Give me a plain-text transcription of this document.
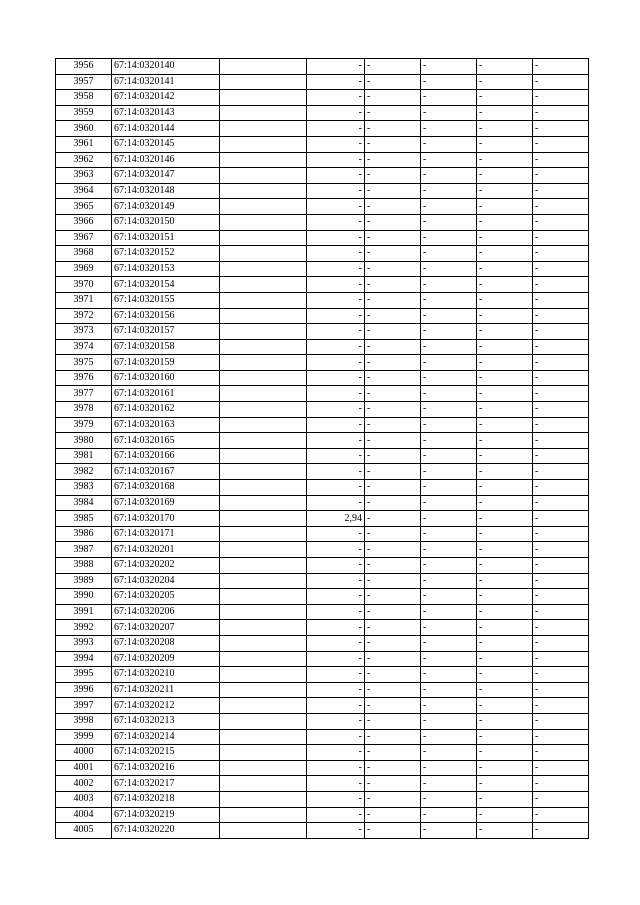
3956	67:14:0320140		-	-	-	-	-
3957	67:14:0320141		-	-	-	-	-
3958	67:14:0320142		-	-	-	-	-
3959	67:14:0320143		-	-	-	-	-
3960	67:14:0320144		-	-	-	-	-
3961	67:14:0320145		-	-	-	-	-
3962	67:14:0320146		-	-	-	-	-
3963	67:14:0320147		-	-	-	-	-
3964	67:14:0320148		-	-	-	-	-
3965	67:14:0320149		-	-	-	-	-
3966	67:14:0320150		-	-	-	-	-
3967	67:14:0320151		-	-	-	-	-
3968	67:14:0320152		-	-	-	-	-
3969	67:14:0320153		-	-	-	-	-
3970	67:14:0320154		-	-	-	-	-
3971	67:14:0320155		-	-	-	-	-
3972	67:14:0320156		-	-	-	-	-
3973	67:14:0320157		-	-	-	-	-
3974	67:14:0320158		-	-	-	-	-
3975	67:14:0320159		-	-	-	-	-
3976	67:14:0320160		-	-	-	-	-
3977	67:14:0320161		-	-	-	-	-
3978	67:14:0320162		-	-	-	-	-
3979	67:14:0320163		-	-	-	-	-
3980	67:14:0320165		-	-	-	-	-
3981	67:14:0320166		-	-	-	-	-
3982	67:14:0320167		-	-	-	-	-
3983	67:14:0320168		-	-	-	-	-
3984	67:14:0320169		-	-	-	-	-
3985	67:14:0320170		2,94	-	-	-	-
3986	67:14:0320171		-	-	-	-	-
3987	67:14:0320201		-	-	-	-	-
3988	67:14:0320202		-	-	-	-	-
3989	67:14:0320204		-	-	-	-	-
3990	67:14:0320205		-	-	-	-	-
3991	67:14:0320206		-	-	-	-	-
3992	67:14:0320207		-	-	-	-	-
3993	67:14:0320208		-	-	-	-	-
3994	67:14:0320209		-	-	-	-	-
3995	67:14:0320210		-	-	-	-	-
3996	67:14:0320211		-	-	-	-	-
3997	67:14:0320212		-	-	-	-	-
3998	67:14:0320213		-	-	-	-	-
3999	67:14:0320214		-	-	-	-	-
4000	67:14:0320215		-	-	-	-	-
4001	67:14:0320216		-	-	-	-	-
4002	67:14:0320217		-	-	-	-	-
4003	67:14:0320218		-	-	-	-	-
4004	67:14:0320219		-	-	-	-	-
4005	67:14:0320220		-	-	-	-	-
